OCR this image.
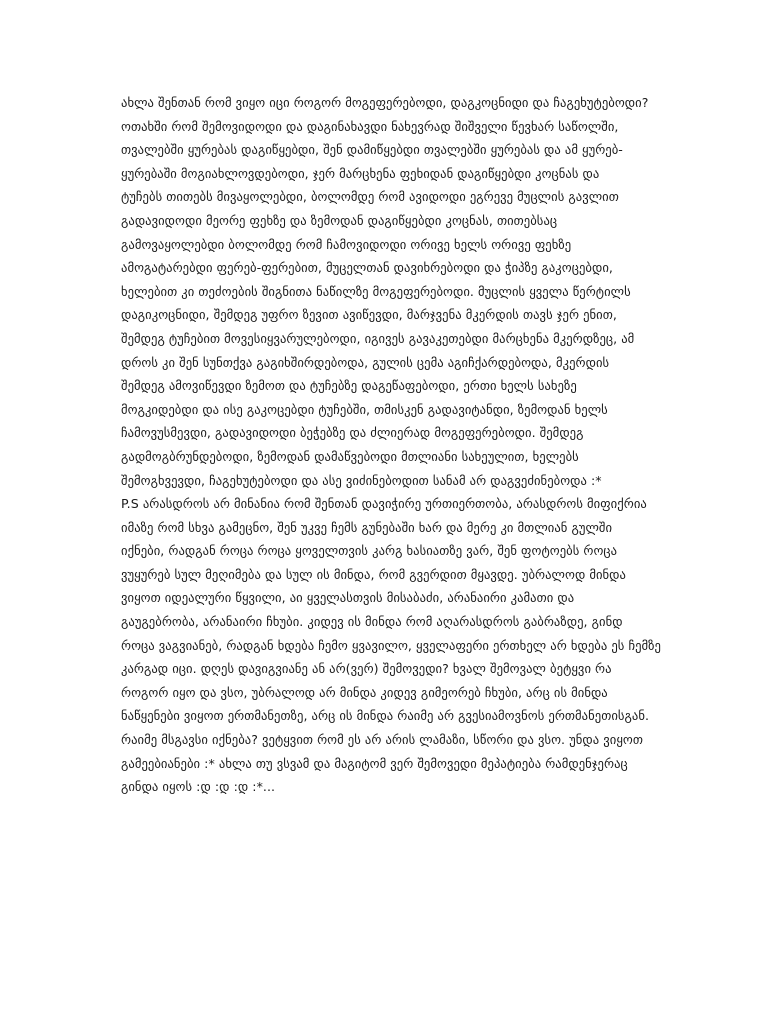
ახლა შენთან რომ ვიყო იცი როგორ მოგეფერებოდი, დაგკოცნიდი და ჩაგეხუტებოდი?
ოთახში რომ შემოვიდოდი და დაგინახავდი ნახევრად შიშველი წევხარ საწოლში,
თვალებში ყურებას დაგიწყებდი, შენ დამიწყებდი თვალებში ყურებას და ამ ყურებ-
ყურებაში მოგიახლოვდებოდი, ჯერ მარცხენა ფეხიდან დაგიწყებდი კოცნას და
ტუჩებს თითებს მივაყოლებდი, ბოლომდე რომ ავიდოდი ეგრევე მუცლის გავლით
გადავიდოდი მეორე ფეხზე და ზემოდან დაგიწყებდი კოცნას, თითებსაც
გამოვაყოლებდი ბოლომდე რომ ჩამოვიდოდი ორივე ხელს ორივე ფეხზე
ამოგატარებდი ფერებ-ფერებით, მუცელთან დავიხრებოდი და ჭიპზე გაკოცებდი,
ხელებით კი თეძოების შიგნითა ნაწილზე მოგეფერებოდი. მუცლის ყველა წერტილს
დაგიკოცნიდი, შემდეგ უფრო ზევით ავიწევდი, მარჯვენა მკერდის თავს ჯერ ენით,
შემდეგ ტუჩებით მოვესიყვარულებოდი, იგივეს გავაკეთებდი მარცხენა მკერდზეც, ამ
დროს კი შენ სუნთქვა გაგიხშირდებოდა, გულის ცემა აგიჩქარდებოდა, მკერდის
შემდეგ ამოვიწევდი ზემოთ და ტუჩებზე დაგეწაფებოდი, ერთი ხელს სახეზე
მოგკიდებდი და ისე გაკოცებდი ტუჩებში, თმისკენ გადავიტანდი, ზემოდან ხელს
ჩამოვუსმევდი, გადავიდოდი ბეჭებზე და ძლიერად მოგეფერებოდი. შემდეგ
გადმოგბრუნდებოდი, ზემოდან დამაწვებოდი მთლიანი სახეულით, ხელებს
შემოგხვევდი, ჩაგეხუტებოდი და ასე ვიძინებოდით სანამ არ დაგვეძინებოდა :*
P.S არასდროს არ მინანია რომ შენთან დავიჭირე ურთიერთობა, არასდროს მიფიქრია
იმაზე რომ სხვა გამეცნო, შენ უკვე ჩემს გუნებაში ხარ და მერე კი მთლიან გულში
იქნები, რადგან როცა როცა ყოველთვის კარგ ხასიათზე ვარ, შენ ფოტოებს როცა
ვუყურებ სულ მეღიმება და სულ ის მინდა, რომ გვერდით მყავდე. უბრალოდ მინდა
ვიყოთ იდეალური წყვილი, აი ყველასთვის მისაბაძი, არანაირი კამათი და
გაუგებრობა, არანაირი ჩხუბი. კიდევ ის მინდა რომ აღარასდროს გაბრაზდე, გინდ
როცა ვაგვიანებ, რადგან ხდება ჩემო ყვავილო, ყველაფერი ერთხელ არ ხდება ეს ჩემზე
კარგად იცი. დღეს დავიგვიანე ან არ(ვერ) შემოვედი? ხვალ შემოვალ ბეტყვი რა
როგორ იყო და ვსო, უბრალოდ არ მინდა კიდევ გიმეორებ ჩხუბი, არც ის მინდა
ნაწყენები ვიყოთ ერთმანეთზე, არც ის მინდა რაიმე არ გვესიამოვნოს ერთმანეთისგან.
რაიმე მსგავსი იქნება? ვეტყვით რომ ეს არ არის ლამაზი, სწორი და ვსო. უნდა ვიყოთ
გამეებიანები :* ახლა თუ ვსვამ და მაგიტომ ვერ შემოვედი მეპატიება რამდენჯერაც
გინდა იყოს :დ :დ :დ :*...
